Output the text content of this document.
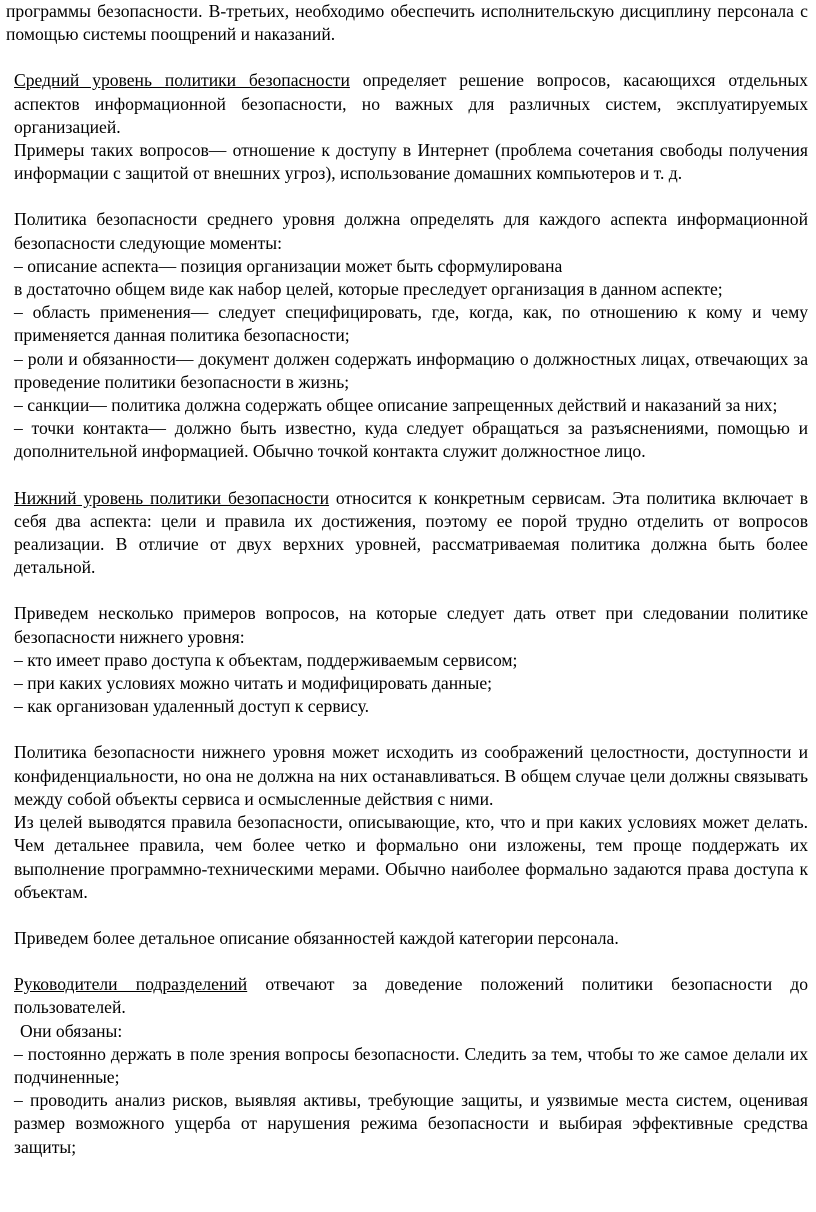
программы безопасности. В-третьих, необходимо обеспечить исполнительскую дисциплину персонала с помощью системы поощрений и наказаний.

Средний уровень политики безопасности определяет решение вопросов, касающихся отдельных аспектов информационной безопасности, но важных для различных систем, эксплуатируемых организацией.

Примеры таких вопросов— отношение к доступу в Интернет (проблема сочетания свободы получения информации с защитой от внешних угроз), использование домашних компьютеров и т. д.

Политика безопасности среднего уровня должна определять для каждого аспекта информационной безопасности следующие моменты:

– описание аспекта— позиция организации может быть сформулирована

в достаточно общем виде как набор целей, которые преследует организация в данном аспекте;

– область применения— следует специфицировать, где, когда, как, по отношению к кому и чему применяется данная политика безопасности;

– роли и обязанности— документ должен содержать информацию о должностных лицах, отвечающих за проведение политики безопасности в жизнь;

– санкции— политика должна содержать общее описание запрещенных действий и наказаний за них;

– точки контакта— должно быть известно, куда следует обращаться за разъяснениями, помощью и дополнительной информацией. Обычно точкой контакта служит должностное лицо.

Нижний уровень политики безопасности относится к конкретным сервисам. Эта политика включает в себя два аспекта: цели и правила их достижения, поэтому ее порой трудно отделить от вопросов реализации. В отличие от двух верхних уровней, рассматриваемая политика должна быть более детальной.

Приведем несколько примеров вопросов, на которые следует дать ответ при следовании политике безопасности нижнего уровня:

– кто имеет право доступа к объектам, поддерживаемым сервисом;

– при каких условиях можно читать и модифицировать данные;

– как организован удаленный доступ к сервису.

Политика безопасности нижнего уровня может исходить из соображений целостности, доступности и конфиденциальности, но она не должна на них останавливаться. В общем случае цели должны связывать между собой объекты сервиса и осмысленные действия с ними.

Из целей выводятся правила безопасности, описывающие, кто, что и при каких условиях может делать. Чем детальнее правила, чем более четко и формально они изложены, тем проще поддержать их выполнение программно-техническими мерами. Обычно наиболее формально задаются права доступа к объектам.

Приведем более детальное описание обязанностей каждой категории персонала.

Руководители подразделений отвечают за доведение положений политики безопасности до пользователей.

Они обязаны:

– постоянно держать в поле зрения вопросы безопасности. Следить за тем, чтобы то же самое делали их подчиненные;

– проводить анализ рисков, выявляя активы, требующие защиты, и уязвимые места систем, оценивая размер возможного ущерба от нарушения режима безопасности и выбирая эффективные средства защиты;
